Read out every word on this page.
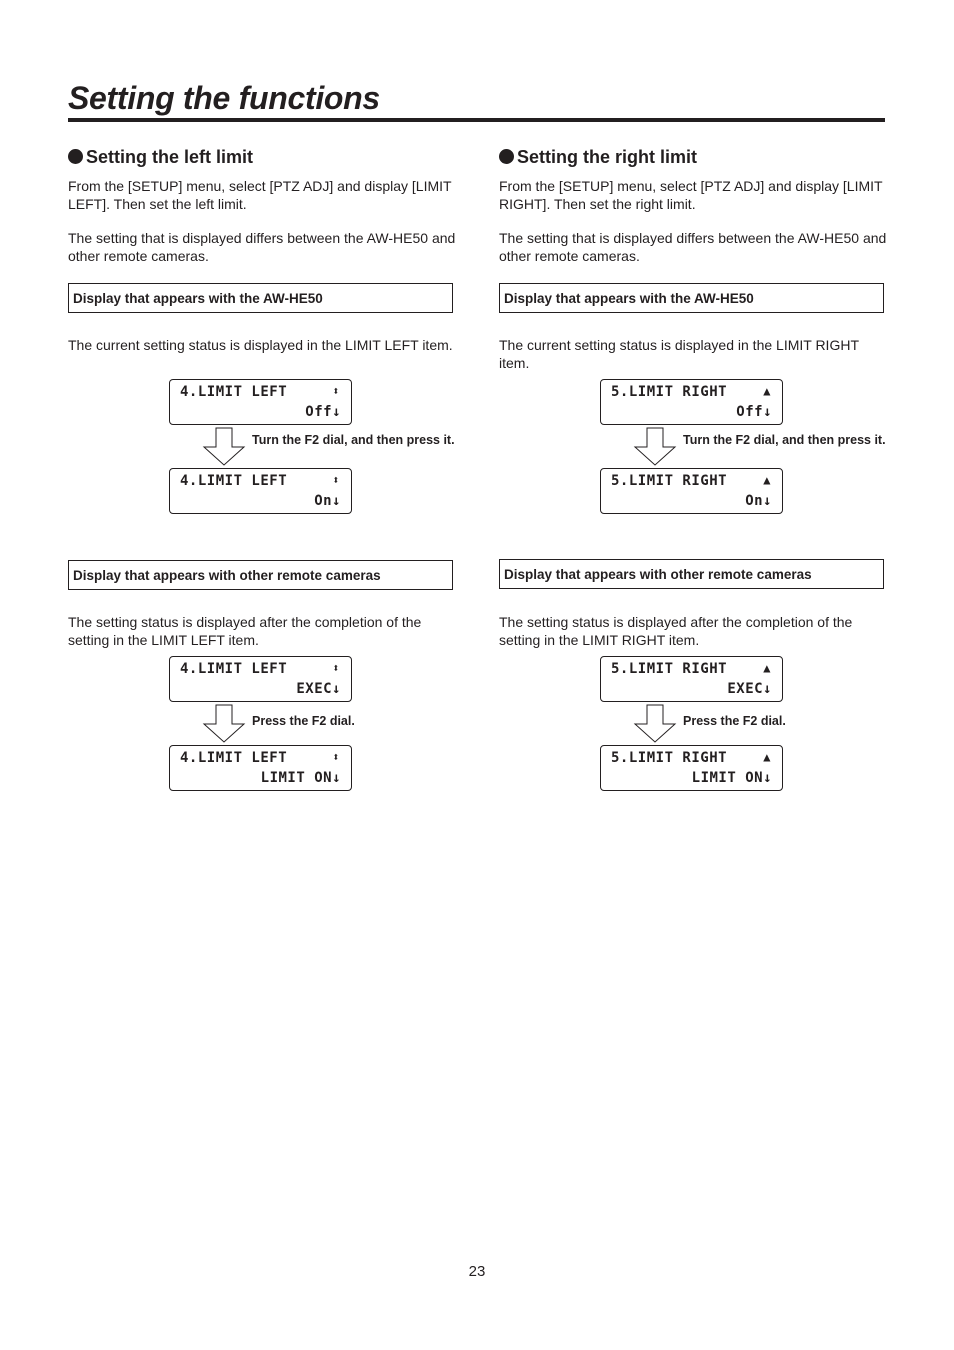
Setting the functions
Setting the left limit

From the [SETUP] menu, select [PTZ ADJ] and display [LIMIT LEFT]. Then set the left limit.

The setting that is displayed differs between the AW-HE50 and other remote cameras.

Display that appears with the AW-HE50

The current setting status is displayed in the LIMIT LEFT item.

4.LIMIT LEFT	⬍
Off↓

Turn the F2 dial, and then press it.

4.LIMIT LEFT	⬍
On↓
Display that appears with other remote cameras

The setting status is displayed after the completion of the setting in the LIMIT LEFT item.

4.LIMIT LEFT	⬍
EXEC↓

Press the F2 dial.

4.LIMIT LEFT	⬍
LIMIT ON↓
Setting the right limit

From the [SETUP] menu, select [PTZ ADJ] and display [LIMIT RIGHT]. Then set the right limit.

The setting that is displayed differs between the AW-HE50 and other remote cameras.

Display that appears with the AW-HE50

The current setting status is displayed in the LIMIT RIGHT item.

5.LIMIT RIGHT	▲
Off↓

Turn the F2 dial, and then press it.

5.LIMIT RIGHT	▲
On↓
Display that appears with other remote cameras

The setting status is displayed after the completion of the setting in the LIMIT RIGHT item.

5.LIMIT RIGHT	▲
EXEC↓

Press the F2 dial.

5.LIMIT RIGHT	▲
LIMIT ON↓
23
